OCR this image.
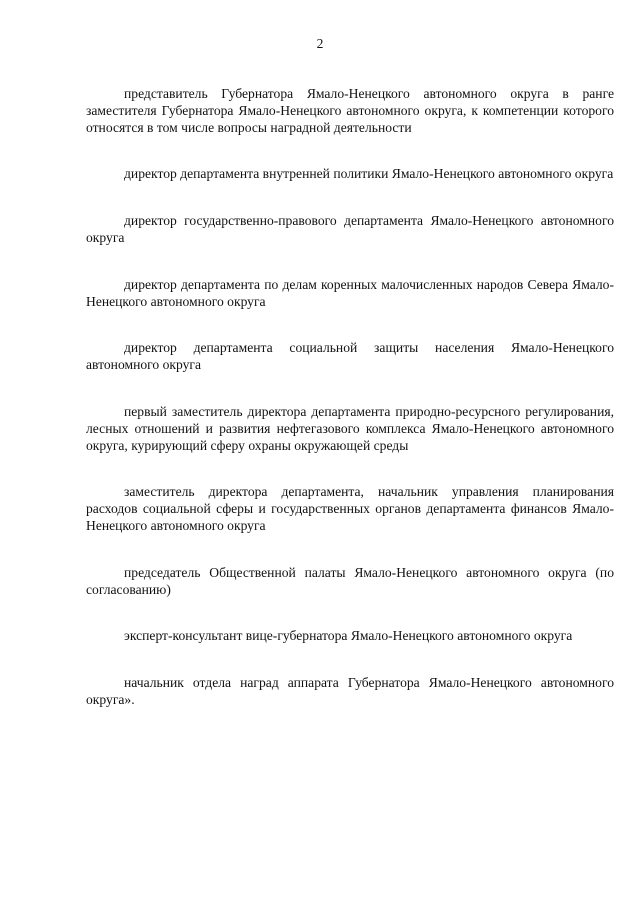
2

представитель Губернатора Ямало-Ненецкого автономного округа в ранге заместителя Губернатора Ямало-Ненецкого автономного округа, к компетенции которого относятся в том числе вопросы наградной деятельности

директор департамента внутренней политики Ямало-Ненецкого автономного округа

директор государственно-правового департамента Ямало-Ненецкого автономного округа

директор департамента по делам коренных малочисленных народов Севера Ямало-Ненецкого автономного округа

директор департамента социальной защиты населения Ямало-Ненецкого автономного округа

первый заместитель директора департамента природно-ресурсного регулирования, лесных отношений и развития нефтегазового комплекса Ямало-Ненецкого автономного округа, курирующий сферу охраны окружающей среды

заместитель директора департамента, начальник управления планирования расходов социальной сферы и государственных органов департамента финансов Ямало-Ненецкого автономного округа

председатель Общественной палаты Ямало-Ненецкого автономного округа (по согласованию)

эксперт-консультант вице-губернатора Ямало-Ненецкого автономного округа

начальник отдела наград аппарата Губернатора Ямало-Ненецкого автономного округа».
